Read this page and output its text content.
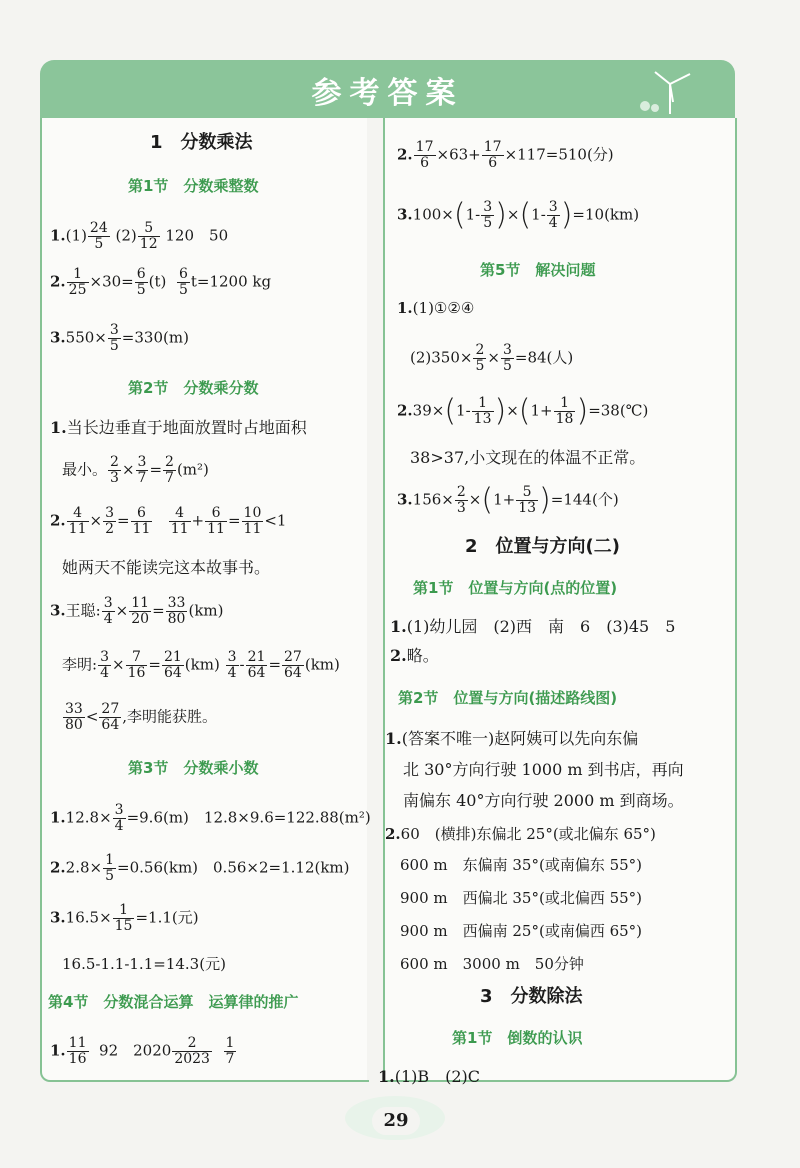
参考答案
1　分数乘法
第1节　分数乘整数
$1.(1) \frac{24}{5} (2) \frac{5}{12} 120$　50
2. $\frac{1}{25} \times 30= \frac{6}{5} (t) \frac{6}{5} t=1200$ kg
$3.550\times \frac{3}{5} =330(m)$
第2节　分数乘分数
1.当长边垂直于地面放置时占地面积
最小。 $\frac{2}{3} \times \frac{3}{7} = \frac{2}{7} (m^2)$
2. $\frac{4}{11} \times \frac{3}{2} = \frac{6}{11}$
$\frac{4}{11} + \frac{6}{11} = \frac{10}{11} <1$
她两天不能读完这本故事书。
3.王聪: $\frac{3}{4} \times \frac{11}{20} = \frac{33}{80} (km)$
李明: $\frac{3}{4} \times \frac{7}{16} = \frac{21}{64} (km) \frac{3}{4} - \frac{21}{64} = \frac{27}{64} (km)$
$\frac{33}{80} < \frac{27}{64}$ ,李明能获胜。
第3节　分数乘小数
$1.12.8\times \frac{3}{4} =9.6(m)$　12.8×9.6=122.88(m²)
$2.2.8\times \frac{1}{5} =0.56(km)$　0.56×2=1.12(km)
$3.16.5\times \frac{1}{15} =1.1$(元)
16.5-1.1-1.1=14.3(元)
第4节　分数混合运算　运算律的推广
1. $\frac{11}{16} 92$　$2020 \frac{2}{2023}$
$\frac{1}{7}$
2. $\frac{17}{6} \times 63+ \frac{17}{6} \times 117=510$(分)
$3.100\times(1- \frac{3}{5} )\times(1- \frac{3}{4} )=10(km)$
第5节　解决问题
1.(1)①②④
$(2)350\times \frac{2}{5} \times \frac{3}{5} =84$(人)
$2.39\times(1- \frac{1}{13} )\times(1+ \frac{1}{18}$ )=38(℃)
38>37,小文现在的体温不正常。
$3.156\times \frac{2}{3} \times(1+ \frac{5}{13} )=144$(个)
2　位置与方向(二)
第1节　位置与方向(点的位置)
1.(1)幼儿园　(2)西　南　6　(3)45　5
2.略。
第2节　位置与方向(描述路线图)
1.(答案不唯一)赵阿姨可以先向东偏
北 30°方向行驶 1000 m 到书店，再向
南偏东 40°方向行驶 2000 m 到商场。
2.60　(横排)东偏北 25°(或北偏东 65°)
600 m　东偏南 35°(或南偏东 55°)
900 m　西偏北 35°(或北偏西 55°)
900 m　西偏南 25°(或南偏西 65°)
600 m　3000 m　50分钟
3　分数除法
第1节　倒数的认识
1.(1)B　(2)C
29
